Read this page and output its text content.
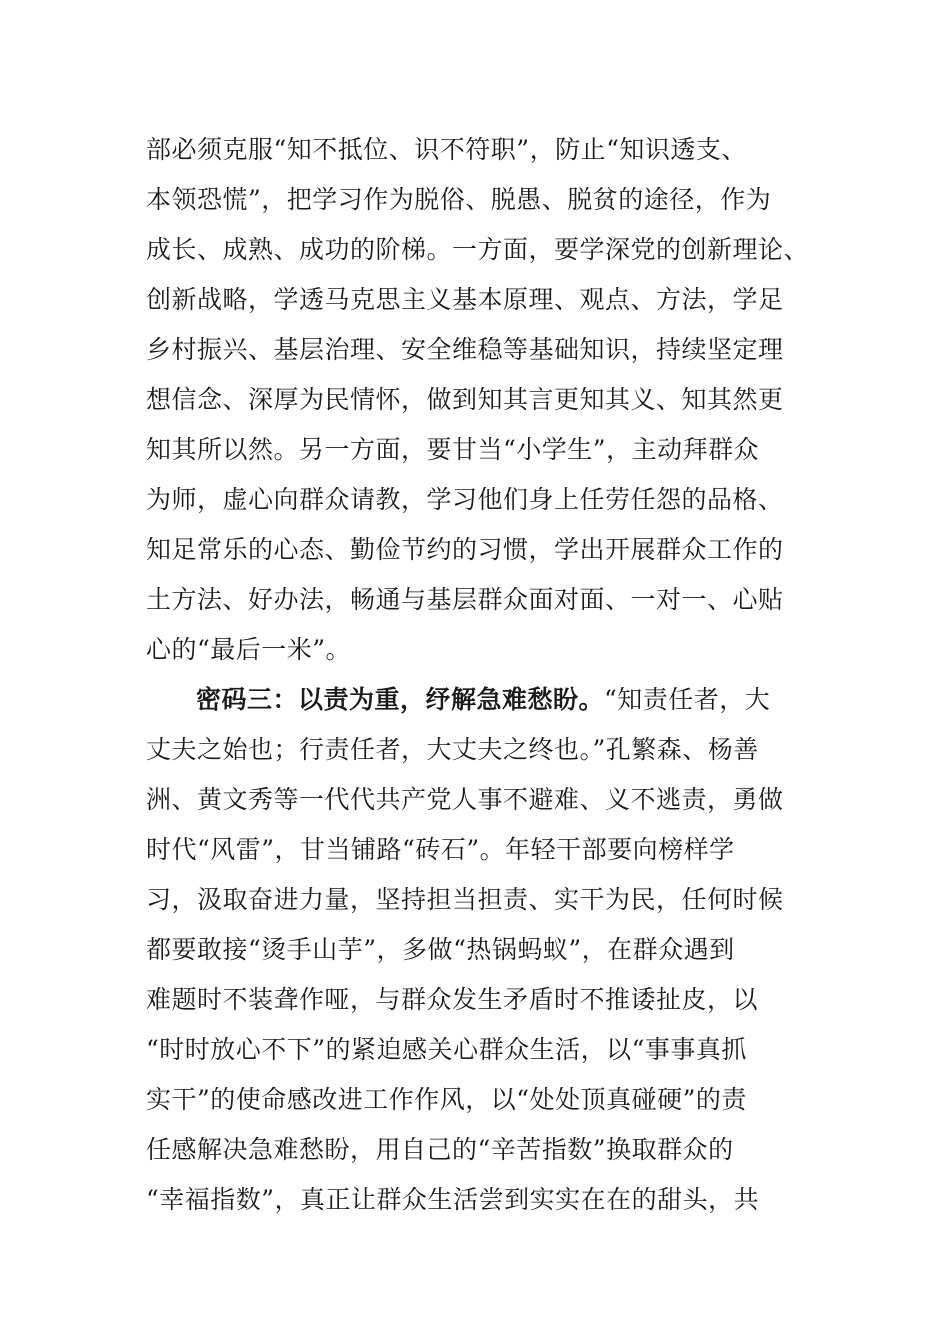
部必须克服“知不抵位、识不符职”，防止“知识透支、
本领恐慌”，把学习作为脱俗、脱愚、脱贫的途径，作为
成长、成熟、成功的阶梯。一方面，要学深党的创新理论、
创新战略，学透马克思主义基本原理、观点、方法，学足
乡村振兴、基层治理、安全维稳等基础知识，持续坚定理
想信念、深厚为民情怀，做到知其言更知其义、知其然更
知其所以然。另一方面，要甘当“小学生”，主动拜群众
为师，虚心向群众请教，学习他们身上任劳任怨的品格、
知足常乐的心态、勤俭节约的习惯，学出开展群众工作的
土方法、好办法，畅通与基层群众面对面、一对一、心贴
心的“最后一米”。
密码三：以责为重，纾解急难愁盼。“知责任者，大
丈夫之始也；行责任者，大丈夫之终也。”孔繁森、杨善
洲、黄文秀等一代代共产党人事不避难、义不逃责，勇做
时代“风雷”，甘当铺路“砖石”。年轻干部要向榜样学
习，汲取奋进力量，坚持担当担责、实干为民，任何时候
都要敢接“烫手山芋”，多做“热锅蚂蚁”，在群众遇到
难题时不装聋作哑，与群众发生矛盾时不推诿扯皮，以
“时时放心不下”的紧迫感关心群众生活，以“事事真抓
实干”的使命感改进工作作风，以“处处顶真碰硬”的责
任感解决急难愁盼，用自己的“辛苦指数”换取群众的
“幸福指数”，真正让群众生活尝到实实在在的甜头，共
